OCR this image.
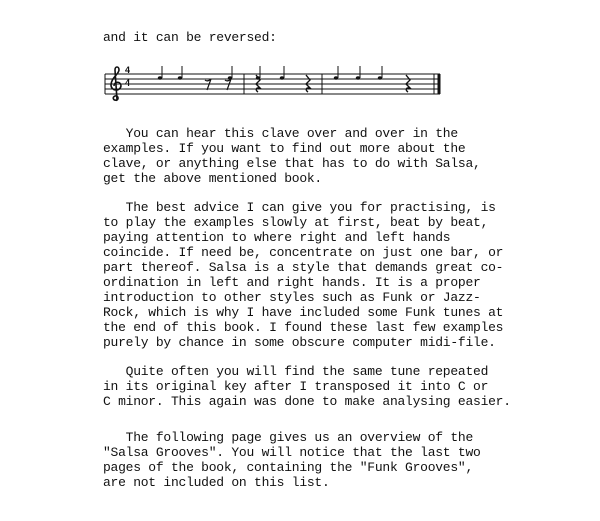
and it can be reversed:
4
4
You can hear this clave over and over in the
examples. If you want to find out more about the
clave, or anything else that has to do with Salsa,
get the above mentioned book.
The best advice I can give you for practising, is
to play the examples slowly at first, beat by beat,
paying attention to where right and left hands
coincide. If need be, concentrate on just one bar, or
part thereof. Salsa is a style that demands great co-
ordination in left and right hands. It is a proper
introduction to other styles such as Funk or Jazz-
Rock, which is why I have included some Funk tunes at
the end of this book. I found these last few examples
purely by chance in some obscure computer midi-file.
Quite often you will find the same tune repeated
in its original key after I transposed it into C or
C minor. This again was done to make analysing easier.
The following page gives us an overview of the
"Salsa Grooves". You will notice that the last two
pages of the book, containing the "Funk Grooves",
are not included on this list.
